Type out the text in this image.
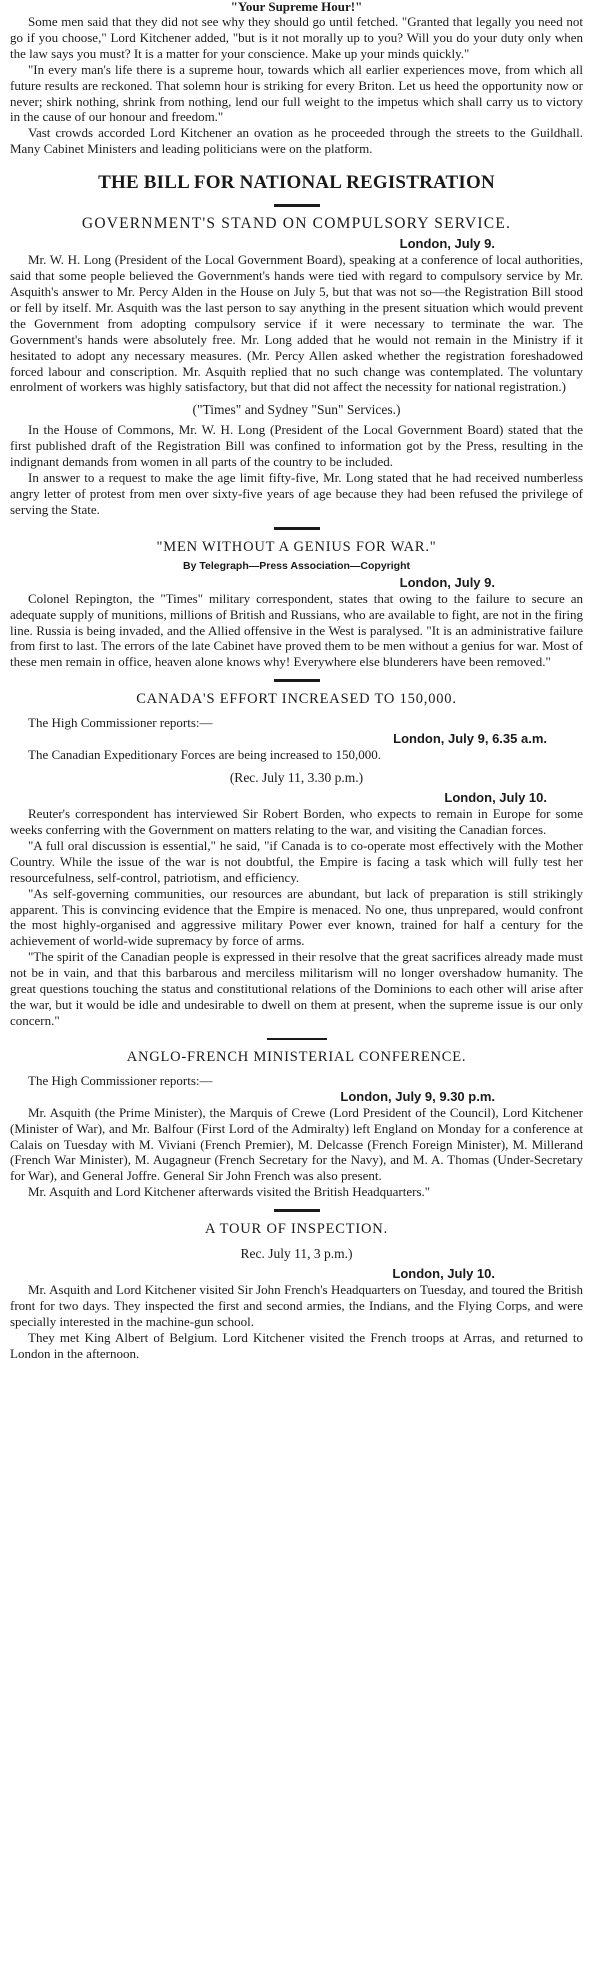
"Your Supreme Hour!"

Some men said that they did not see why they should go until fetched. "Granted that legally you need not go if you choose," Lord Kitchener added, "but is it not morally up to you? Will you do your duty only when the law says you must? It is a matter for your conscience. Make up your minds quickly."

"In every man's life there is a supreme hour, towards which all earlier experiences move, from which all future results are reckoned. That solemn hour is striking for every Briton. Let us heed the opportunity now or never; shirk nothing, shrink from nothing, lend our full weight to the impetus which shall carry us to victory in the cause of our honour and freedom."

Vast crowds accorded Lord Kitchener an ovation as he proceeded through the streets to the Guildhall. Many Cabinet Ministers and leading politicians were on the platform.

THE BILL FOR NATIONAL REGISTRATION
GOVERNMENT'S STAND ON COMPULSORY SERVICE.
London, July 9.

Mr. W. H. Long (President of the Local Government Board), speaking at a conference of local authorities, said that some people believed the Government's hands were tied with regard to compulsory service by Mr. Asquith's answer to Mr. Percy Alden in the House on July 5, but that was not so—the Registration Bill stood or fell by itself. Mr. Asquith was the last person to say anything in the present situation which would prevent the Government from adopting compulsory service if it were necessary to terminate the war. The Government's hands were absolutely free. Mr. Long added that he would not remain in the Ministry if it hesitated to adopt any necessary measures. (Mr. Percy Allen asked whether the registration foreshadowed forced labour and conscription. Mr. Asquith replied that no such change was contemplated. The voluntary enrolment of workers was highly satisfactory, but that did not affect the necessity for national registration.)

("Times" and Sydney "Sun" Services.)

In the House of Commons, Mr. W. H. Long (President of the Local Government Board) stated that the first published draft of the Registration Bill was confined to information got by the Press, resulting in the indignant demands from women in all parts of the country to be included.

In answer to a request to make the age limit fifty-five, Mr. Long stated that he had received numberless angry letter of protest from men over sixty-five years of age because they had been refused the privilege of serving the State.

"MEN WITHOUT A GENIUS FOR WAR."
By Telegraph—Press Association—Copyright
London, July 9.

Colonel Repington, the "Times" military correspondent, states that owing to the failure to secure an adequate supply of munitions, millions of British and Russians, who are available to fight, are not in the firing line. Russia is being invaded, and the Allied offensive in the West is paralysed. "It is an administrative failure from first to last. The errors of the late Cabinet have proved them to be men without a genius for war. Most of these men remain in office, heaven alone knows why! Everywhere else blunderers have been removed."

CANADA'S EFFORT INCREASED TO 150,000.

The High Commissioner reports:—

London, July 9, 6.35 a.m.

The Canadian Expeditionary Forces are being increased to 150,000.

(Rec. July 11, 3.30 p.m.)
London, July 10.

Reuter's correspondent has interviewed Sir Robert Borden, who expects to remain in Europe for some weeks conferring with the Government on matters relating to the war, and visiting the Canadian forces.

"A full oral discussion is essential," he said, "if Canada is to co-operate most effectively with the Mother Country. While the issue of the war is not doubtful, the Empire is facing a task which will fully test her resourcefulness, self-control, patriotism, and efficiency.

"As self-governing communities, our resources are abundant, but lack of preparation is still strikingly apparent. This is convincing evidence that the Empire is menaced. No one, thus unprepared, would confront the most highly-organised and aggressive military Power ever known, trained for half a century for the achievement of world-wide supremacy by force of arms.

"The spirit of the Canadian people is expressed in their resolve that the great sacrifices already made must not be in vain, and that this barbarous and merciless militarism will no longer overshadow humanity. The great questions touching the status and constitutional relations of the Dominions to each other will arise after the war, but it would be idle and undesirable to dwell on them at present, when the supreme issue is our only concern."

ANGLO-FRENCH MINISTERIAL CONFERENCE.

The High Commissioner reports:—

London, July 9, 9.30 p.m.

Mr. Asquith (the Prime Minister), the Marquis of Crewe (Lord President of the Council), Lord Kitchener (Minister of War), and Mr. Balfour (First Lord of the Admiralty) left England on Monday for a conference at Calais on Tuesday with M. Viviani (French Premier), M. Delcasse (French Foreign Minister), M. Millerand (French War Minister), M. Augagneur (French Secretary for the Navy), and M. A. Thomas (Under-Secretary for War), and General Joffre. General Sir John French was also present.

Mr. Asquith and Lord Kitchener afterwards visited the British Headquarters."

A TOUR OF INSPECTION.
Rec. July 11, 3 p.m.)
London, July 10.

Mr. Asquith and Lord Kitchener visited Sir John French's Headquarters on Tuesday, and toured the British front for two days. They inspected the first and second armies, the Indians, and the Flying Corps, and were specially interested in the machine-gun school.

They met King Albert of Belgium. Lord Kitchener visited the French troops at Arras, and returned to London in the afternoon.
